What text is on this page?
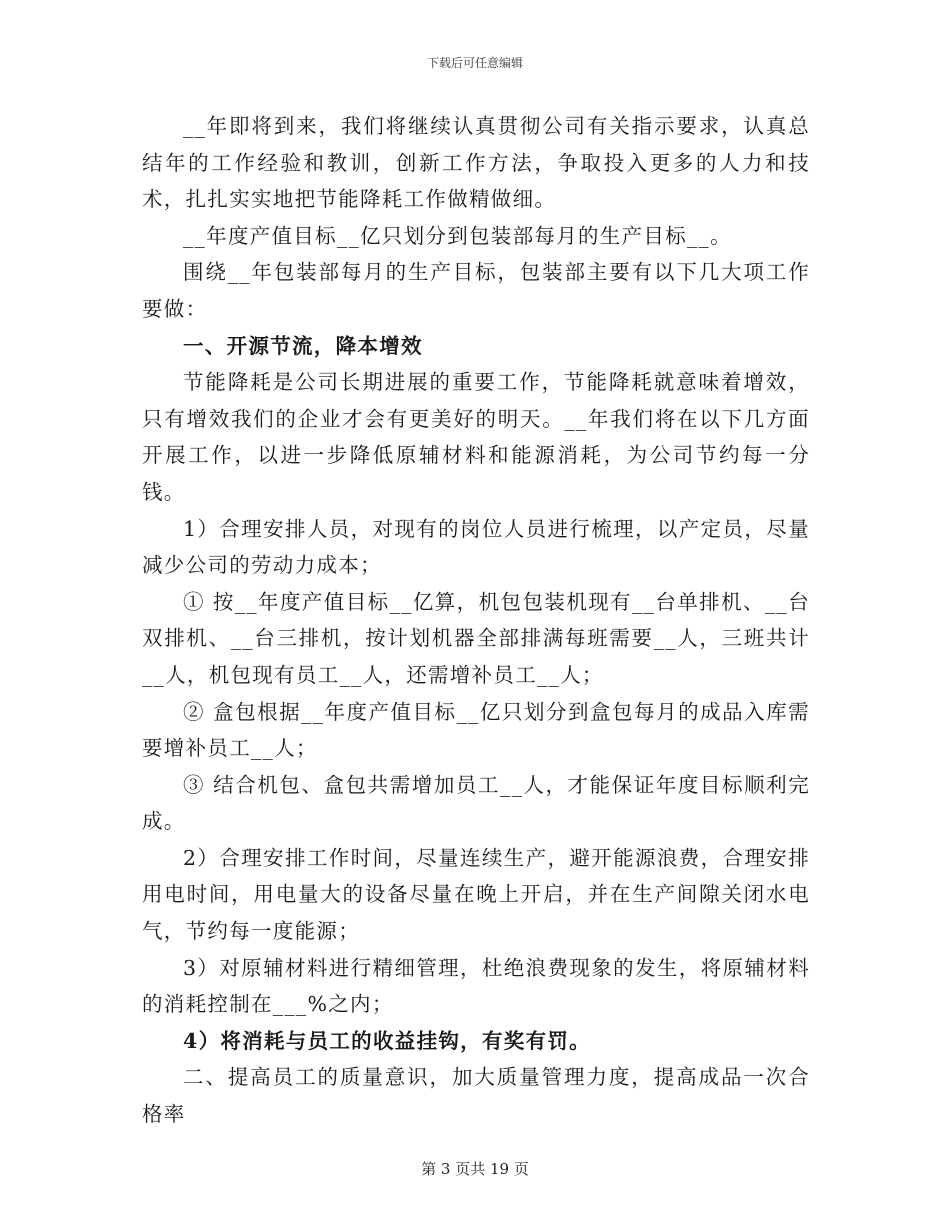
下载后可任意编辑

__年即将到来，我们将继续认真贯彻公司有关指示要求，认真总结年的工作经验和教训，创新工作方法，争取投入更多的人力和技术，扎扎实实地把节能降耗工作做精做细。

__年度产值目标__亿只划分到包装部每月的生产目标__。

围绕__年包装部每月的生产目标，包装部主要有以下几大项工作要做：

一、开源节流，降本增效

节能降耗是公司长期进展的重要工作，节能降耗就意味着增效，只有增效我们的企业才会有更美好的明天。__年我们将在以下几方面开展工作，以进一步降低原辅材料和能源消耗，为公司节约每一分钱。

1）合理安排人员，对现有的岗位人员进行梳理，以产定员，尽量减少公司的劳动力成本；

① 按__年度产值目标__亿算，机包包装机现有__台单排机、__台双排机、__台三排机，按计划机器全部排满每班需要__人，三班共计__人，机包现有员工__人，还需增补员工__人；

② 盒包根据__年度产值目标__亿只划分到盒包每月的成品入库需要增补员工__人；

③ 结合机包、盒包共需增加员工__人，才能保证年度目标顺利完成。

2）合理安排工作时间，尽量连续生产，避开能源浪费，合理安排用电时间，用电量大的设备尽量在晚上开启，并在生产间隙关闭水电气，节约每一度能源；

3）对原辅材料进行精细管理，杜绝浪费现象的发生，将原辅材料的消耗控制在___%之内；

4）将消耗与员工的收益挂钩，有奖有罚。

二、提高员工的质量意识，加大质量管理力度，提高成品一次合格率

第 3 页共 19 页
